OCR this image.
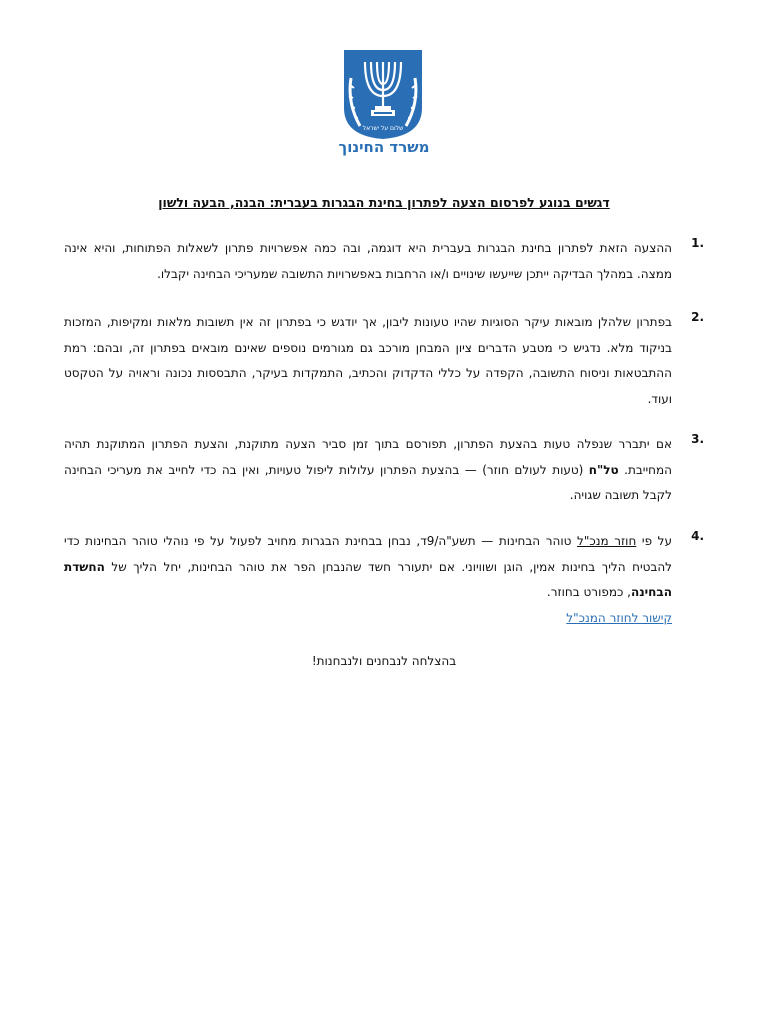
שלום על ישראל
משרד החינוך
דגשים בנוגע לפרסום הצעה לפתרון בחינת הבגרות בעברית: הבנה, הבעה ולשון
.1
ההצעה הזאת לפתרון בחינת הבגרות בעברית היא דוגמה, ובה כמה אפשרויות פתרון לשאלות הפתוחות, והיא אינה ממצה. במהלך הבדיקה ייתכן שייעשו שינויים ו/או הרחבות באפשרויות התשובה שמעריכי הבחינה יקבלו.
.2
בפתרון שלהלן מובאות עיקר הסוגיות שהיו טעונות ליבון, אך יודגש כי בפתרון זה אין תשובות מלאות ומקיפות, המזכות בניקוד מלא. נדגיש כי מטבע הדברים ציון המבחן מורכב גם מגורמים נוספים שאינם מובאים בפתרון זה, ובהם: רמת ההתבטאות וניסוח התשובה, הקפדה על כללי הדקדוק והכתיב, התמקדות בעיקר, התבססות נכונה וראויה על הטקסט ועוד.
.3
אם יתברר שנפלה טעות בהצעת הפתרון, תפורסם בתוך זמן סביר הצעה מתוקנת, והצעת הפתרון המתוקנת תהיה המחייבת. טל"ח (טעות לעולם חוזר) — בהצעת הפתרון עלולות ליפול טעויות, ואין בה כדי לחייב את מעריכי הבחינה לקבל תשובה שגויה.
.4
על פי חוזר מנכ"ל טוהר הבחינות — תשע"ה/9ד, נבחן בבחינת הבגרות מחויב לפעול על פי נוהלי טוהר הבחינות כדי להבטיח הליך בחינות אמין, הוגן ושוויוני. אם יתעורר חשד שהנבחן הפר את טוהר הבחינות, יחל הליך של החשדת הבחינה, כמפורט בחוזר.
קישור לחוזר המנכ"ל
בהצלחה לנבחנים ולנבחנות!
